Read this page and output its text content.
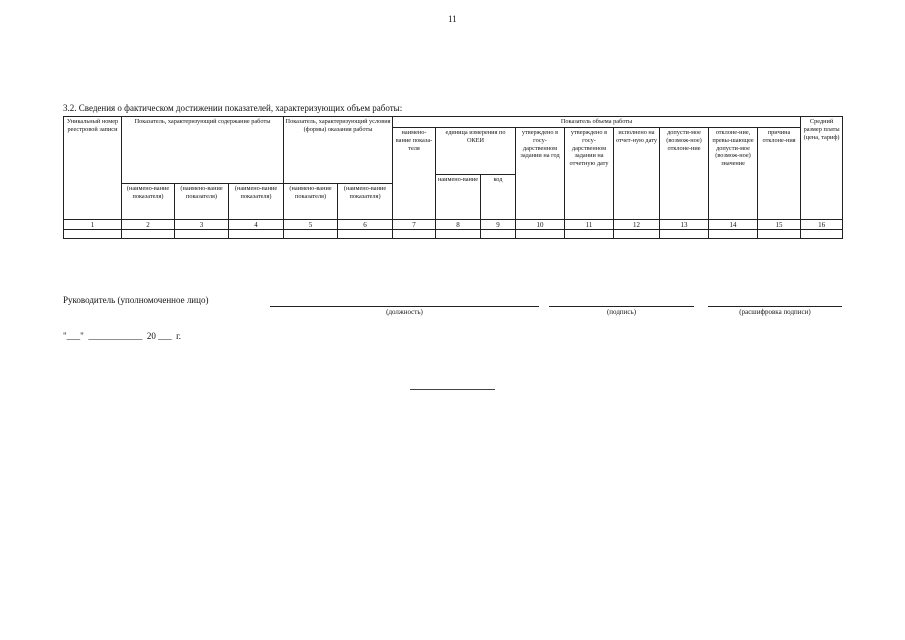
11
3.2. Сведения о фактическом достижении показателей, характеризующих объем работы:
Уникальный номер реестровой записи	Показатель, характеризующий содержание работы			Показатель, характеризующий условия (формы) оказания работы		Показатель объема работы									Средний размер платы (цена, тариф)
						наимено-вание показа-теля	единица измерения по ОКЕИ		утверждено в госу-дарственном задании на год	утверждено в госу-дарственном задании на отчетную дату	исполнено на отчет-ную дату	допусти-мое (возмож-ное) отклоне-ние	отклоне-ние, превы-шающее допусти-мое (возмож-ное) значение	причина отклоне-ния	
							наимено-вание	код							
	(наимено-вание показателя)	(наимено-вание показателя)	(наимено-вание показателя)	(наимено-вание показателя)	(наимено-вание показателя)										
1	2	3	4	5	6	7	8	9	10	11	12	13	14	15	16

Руководитель (уполномоченное лицо)
(должность)	(подпись)	(расшифровка подписи)
"___"  ____________  20 ___  г.
